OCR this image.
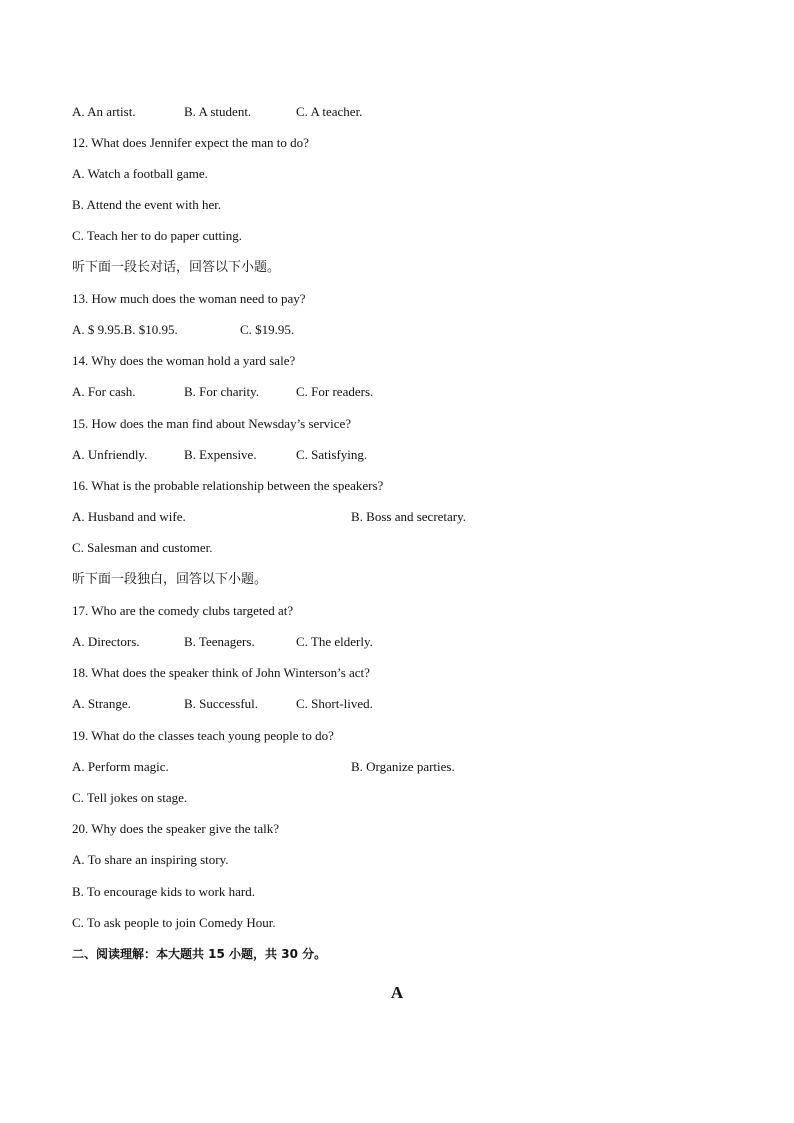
A. An artist.	B. A student.	C. A teacher.
12. What does Jennifer expect the man to do?
A. Watch a football game.
B. Attend the event with her.
C. Teach her to do paper cutting.
听下面一段长对话，回答以下小题。
13. How much does the woman need to pay?
A. $ 9.95.B. $10.95.	C. $19.95.
14. Why does the woman hold a yard sale?
A. For cash.	B. For charity.	C. For readers.
15. How does the man find about Newsday’s service?
A. Unfriendly.	B. Expensive.	C. Satisfying.
16. What is the probable relationship between the speakers?
A. Husband and wife.	B. Boss and secretary.
C. Salesman and customer.
听下面一段独白，回答以下小题。
17. Who are the comedy clubs targeted at?
A. Directors.	B. Teenagers.	C. The elderly.
18. What does the speaker think of John Winterson’s act?
A. Strange.	B. Successful.	C. Short-lived.
19. What do the classes teach young people to do?
A. Perform magic.	B. Organize parties.
C. Tell jokes on stage.
20. Why does the speaker give the talk?
A. To share an inspiring story.
B. To encourage kids to work hard.
C. To ask people to join Comedy Hour.
二、阅读理解：本大题共 15 小题，共 30 分。
A
